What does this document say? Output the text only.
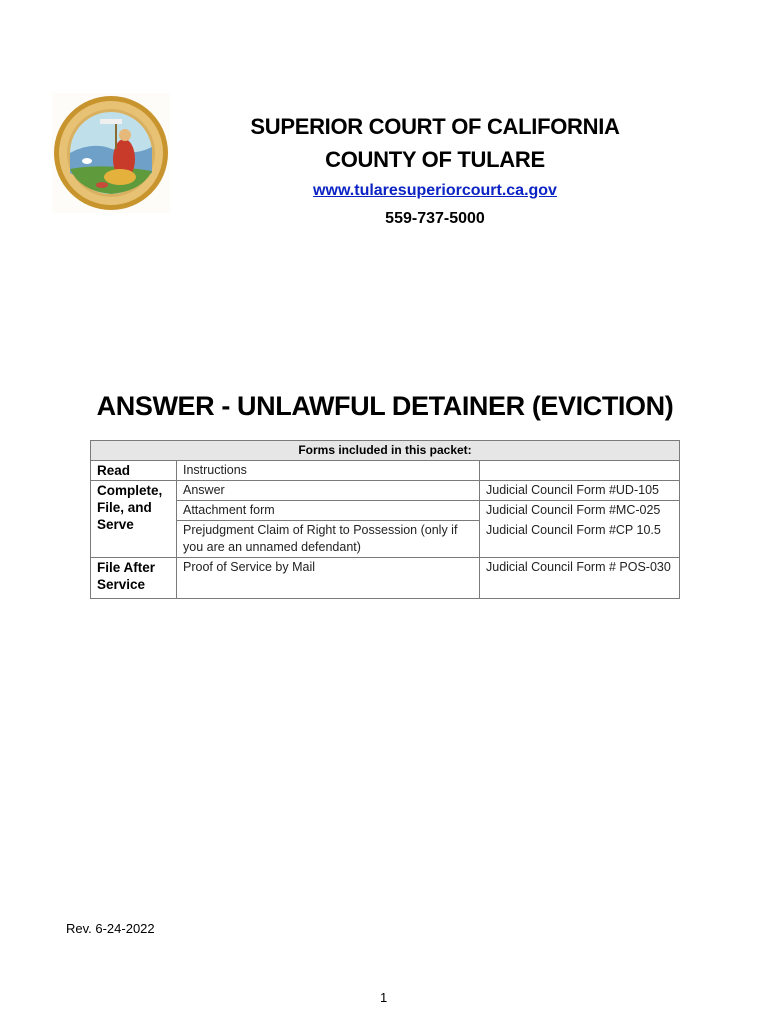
SUPERIOR COURT OF CALIFORNIA
COUNTY OF TULARE
www.tularesuperiorcourt.ca.gov
559-737-5000
ANSWER - UNLAWFUL DETAINER (EVICTION)
Forms included in this packet:		
Read	Instructions	
Complete, File, and Serve	Answer	Judicial Council Form #UD-105
	Attachment form	Judicial Council Form #MC-025
	Prejudgment Claim of Right to Possession (only if you are an unnamed defendant)	Judicial Council Form #CP 10.5
File After Service	Proof of Service by Mail	Judicial Council Form # POS-030
Rev. 6-24-2022
1
